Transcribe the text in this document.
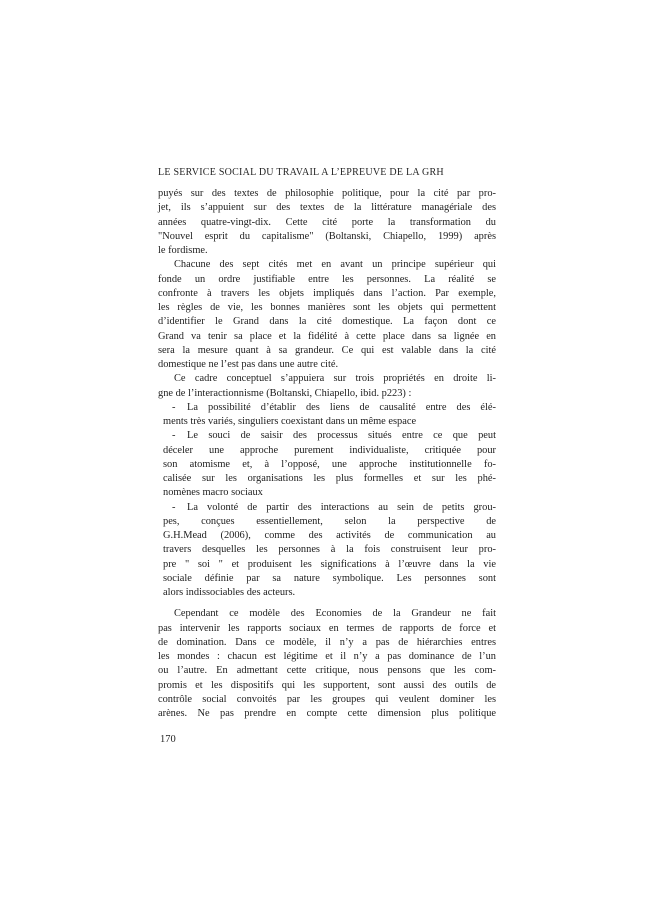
LE SERVICE SOCIAL DU TRAVAIL A L’EPREUVE DE LA GRH
puyés sur des textes de philosophie politique, pour la cité par pro-
jet, ils s’appuient sur des textes de la littérature managériale des
années quatre-vingt-dix. Cette cité porte la transformation du
"Nouvel esprit du capitalisme" (Boltanski, Chiapello, 1999) après
le fordisme.
Chacune des sept cités met en avant un principe supérieur qui
fonde un ordre justifiable entre les personnes. La réalité se
confronte à travers les objets impliqués dans l’action. Par exemple,
les règles de vie, les bonnes manières sont les objets qui permettent
d’identifier le Grand dans la cité domestique. La façon dont ce
Grand va tenir sa place et la fidélité à cette place dans sa lignée en
sera la mesure quant à sa grandeur. Ce qui est valable dans la cité
domestique ne l’est pas dans une autre cité.
Ce cadre conceptuel s’appuiera sur trois propriétés en droite li-
gne de l’interactionnisme (Boltanski, Chiapello, ibid. p223) :
- La possibilité d’établir des liens de causalité entre des élé-
ments très variés, singuliers coexistant dans un même espace
- Le souci de saisir des processus situés entre ce que peut
déceler une approche purement individualiste, critiquée pour
son atomisme et, à l’opposé, une approche institutionnelle fo-
calisée sur les organisations les plus formelles et sur les phé-
nomènes macro sociaux
- La volonté de partir des interactions au sein de petits grou-
pes, conçues essentiellement, selon la perspective de
G.H.Mead (2006), comme des activités de communication au
travers desquelles les personnes à la fois construisent leur pro-
pre " soi " et produisent les significations à l’œuvre dans la vie
sociale définie par sa nature symbolique. Les personnes sont
alors indissociables des acteurs.
Cependant ce modèle des Economies de la Grandeur ne fait
pas intervenir les rapports sociaux en termes de rapports de force et
de domination. Dans ce modèle, il n’y a pas de hiérarchies entres
les mondes : chacun est légitime et il n’y a pas dominance de l’un
ou l’autre. En admettant cette critique, nous pensons que les com-
promis et les dispositifs qui les supportent, sont aussi des outils de
contrôle social convoités par les groupes qui veulent dominer les
arènes. Ne pas prendre en compte cette dimension plus politique
170
